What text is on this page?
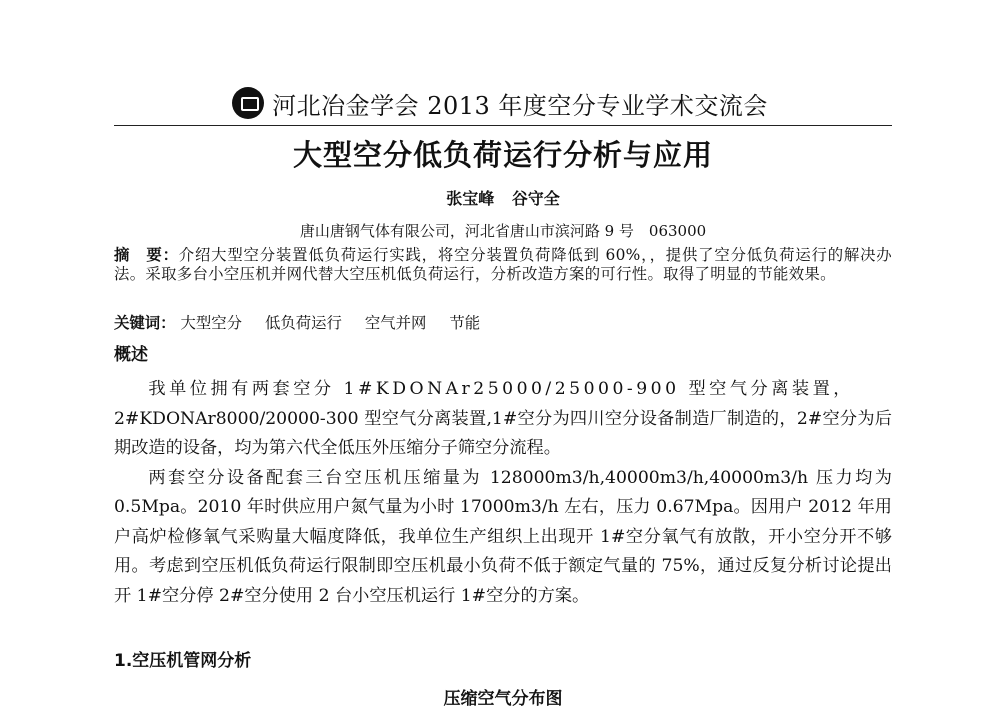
河北冶金学会 2013 年度空分专业学术交流会
大型空分低负荷运行分析与应用
张宝峰 谷守全
唐山唐钢气体有限公司，河北省唐山市滨河路 9 号　063000
摘　要：介绍大型空分装置低负荷运行实践，将空分装置负荷降低到 60%，，提供了空分低负荷运行的解决办法。采取多台小空压机并网代替大空压机低负荷运行，分析改造方案的可行性。取得了明显的节能效果。
关键词： 大型空分 低负荷运行 空气并网 节能
概述

我单位拥有两套空分 1#KDONAr25000/25000-900 型空气分离装置，

2#KDONAr8000/20000-300 型空气分离装置,1#空分为四川空分设备制造厂制造的，2#空分为后期改造的设备，均为第六代全低压外压缩分子筛空分流程。

两套空分设备配套三台空压机压缩量为 128000m3/h,40000m3/h,40000m3/h 压力均为 0.5Mpa。2010 年时供应用户氮气量为小时 17000m3/h 左右，压力 0.67Mpa。因用户 2012 年用户高炉检修氧气采购量大幅度降低，我单位生产组织上出现开 1#空分氧气有放散，开小空分开不够用。考虑到空压机低负荷运行限制即空压机最小负荷不低于额定气量的 75%，通过反复分析讨论提出开 1#空分停 2#空分使用 2 台小空压机运行 1#空分的方案。

1.空压机管网分析
压缩空气分布图
